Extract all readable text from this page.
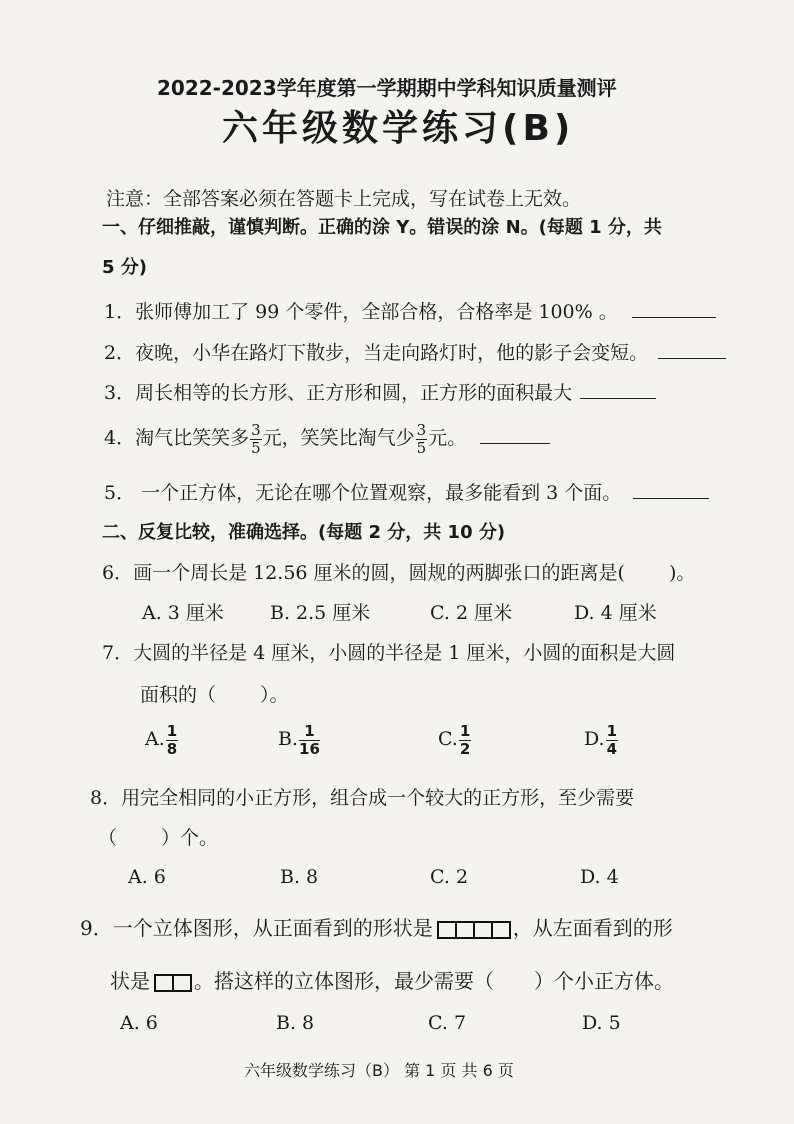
2022-2023学年度第一学期期中学科知识质量测评
六年级数学练习(B)
注意：全部答案必须在答题卡上完成，写在试卷上无效。
一、仔细推敲，谨慎判断。正确的涂 Y。错误的涂 N。(每题 1 分，共
5 分)
1．张师傅加工了 99 个零件，全部合格，合格率是 100% 。
2．夜晚，小华在路灯下散步，当走向路灯时，他的影子会变短。
3．周长相等的长方形、正方形和圆，正方形的面积最大
4．淘气比笑笑多 $\frac{3}{5}$ 元，笑笑比淘气少 $\frac{3}{5}$ 元。
5． 一个正方体，无论在哪个位置观察，最多能看到 3 个面。
二、反复比较，准确选择。(每题 2 分，共 10 分)
6．画一个周长是 12.56 厘米的圆，圆规的两脚张口的距离是(　　 )。
A. 3 厘米 B. 2.5 厘米	C. 2 厘米	D. 4 厘米
7．大圆的半径是 4 厘米，小圆的半径是 1 厘米，小圆的面积是大圆
面积的（　　 ）。
A. $\frac{1}{8}$	B. $\frac{1}{16}$	C. $\frac{1}{2}$	D. $\frac{1}{4}$
8．用完全相同的小正方形，组合成一个较大的正方形，至少需要
（　　 ）个。
A. 6	B. 8	C. 2	D. 4
9．一个立体图形，从正面看到的形状是	，从左面看到的形
状是 。搭这样的立体图形，最少需要（　　）个小正方体。
A. 6	B. 8	C. 7	D. 5
六年级数学练习（B） 第 1 页 共 6 页
